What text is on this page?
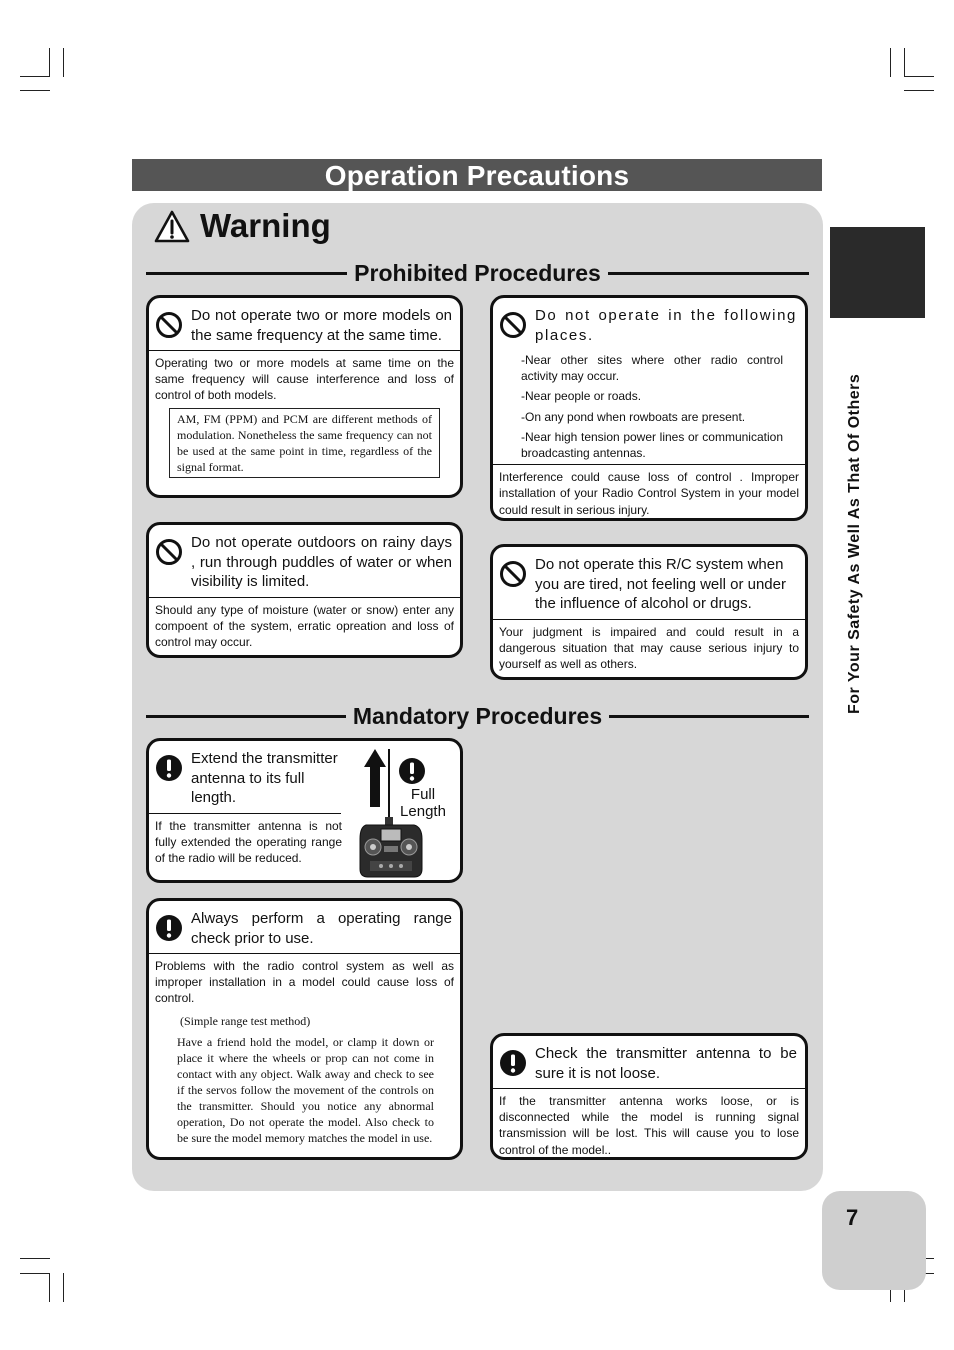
Operation Precautions
Warning
Prohibited Procedures
Do not operate two or more models on the same frequency at the same time.
Operating two or more models at same time on the same frequency will cause interference and loss of control of both models.
AM, FM (PPM) and PCM are different methods of modulation. Nonetheless the same frequency can not be used at the same point in time, regardless of the signal format.
Do not operate in the following places.

-Near other sites where other radio control activity may occur.

-Near people or roads.

-On any pond when rowboats are present.

-Near high tension power lines or communication broadcasting antennas.

Interference could cause loss of control . Improper installation of your Radio Control System in your model could result in serious injury.
Do not operate outdoors on rainy days , run through puddles of water or when visibility is limited.
Should any type of moisture (water or snow) enter any compoent of the system, erratic opreation and loss of control may occur.
Do not operate this R/C system when you are tired, not feeling well or under the influence of alcohol or drugs.
Your judgment is impaired and could result in a dangerous situation that may cause serious injury to yourself as well as others.
Mandatory Procedures
Extend the transmitter antenna to its full length.
If the transmitter antenna is not fully extended the operating range of the radio will be reduced.
Full
Length
Always perform a operating range check prior to use.
Problems with the radio control system as well as improper installation in a model could cause loss of control.
(Simple range test method)
Have a friend hold the model, or clamp it down or place it where the wheels or prop can not come in contact with any object. Walk away and check to see if the servos follow the movement of the controls on the transmitter. Should you notice any abnormal operation, Do not operate the model. Also check to be sure the model memory matches the model in use.
Check the transmitter antenna to be sure it is not loose.
If the transmitter antenna works loose, or is disconnected while the model is running signal transmission will be lost. This will cause you to lose control of the model..
For Your Safety As Well As That Of Others
7
